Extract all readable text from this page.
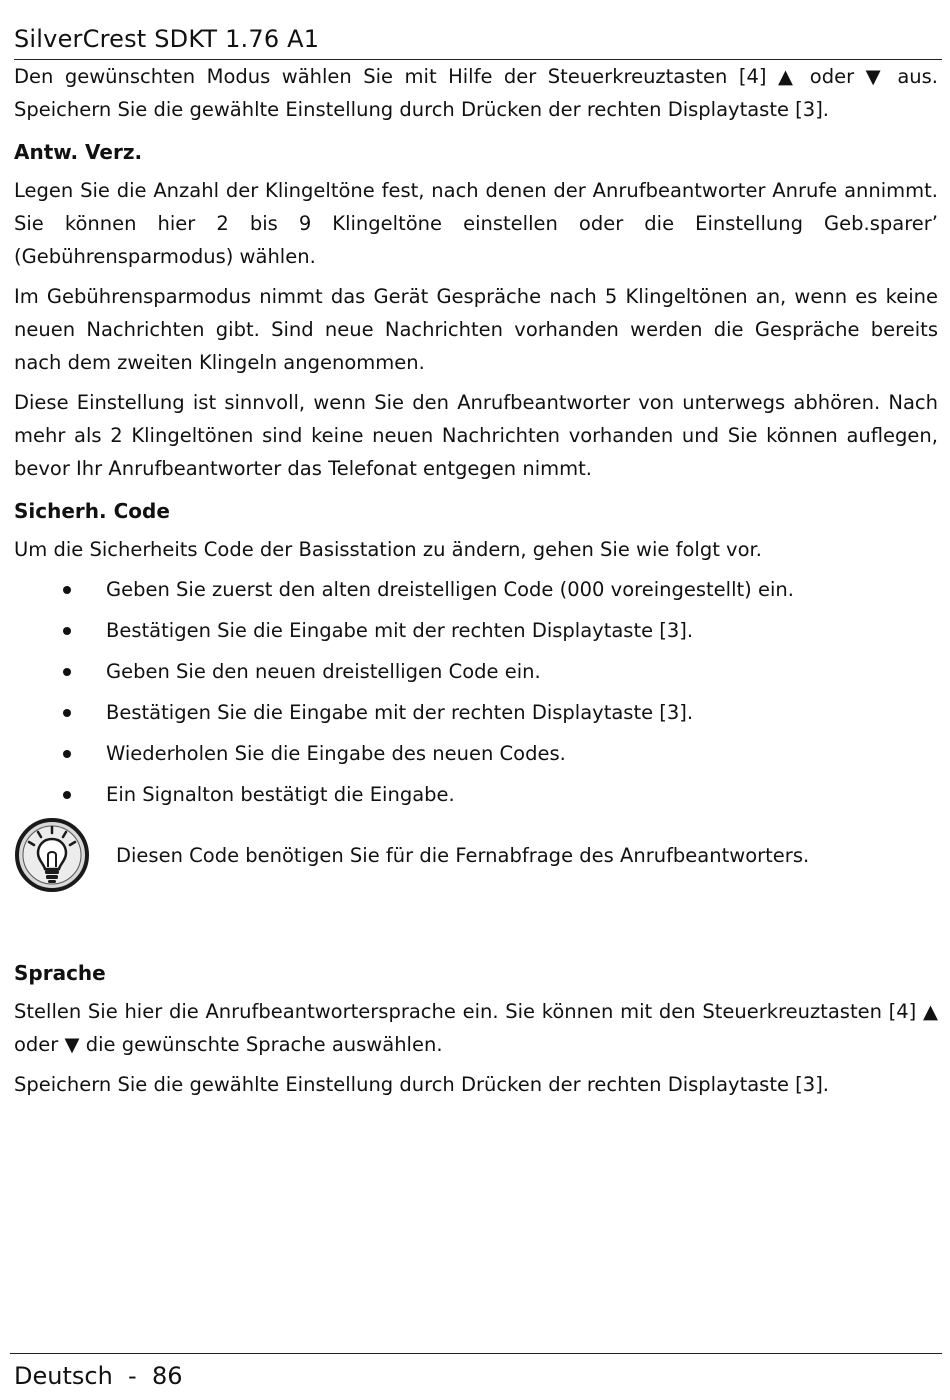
SilverCrest SDKT 1.76 A1

Den gewünschten Modus wählen Sie mit Hilfe der Steuerkreuztasten [4] ▲ oder ▼ aus. Speichern Sie die gewählte Einstellung durch Drücken der rechten Displaytaste [3].

Antw. Verz.

Legen Sie die Anzahl der Klingeltöne fest, nach denen der Anrufbeantworter Anrufe annimmt. Sie können hier 2 bis 9 Klingeltöne einstellen oder die Einstellung Geb.sparer’ (Gebührensparmodus) wählen.

Im Gebührensparmodus nimmt das Gerät Gespräche nach 5 Klingeltönen an, wenn es keine neuen Nachrichten gibt. Sind neue Nachrichten vorhanden werden die Gespräche bereits nach dem zweiten Klingeln angenommen.

Diese Einstellung ist sinnvoll, wenn Sie den Anrufbeantworter von unterwegs abhören. Nach mehr als 2 Klingeltönen sind keine neuen Nachrichten vorhanden und Sie können auflegen, bevor Ihr Anrufbeantworter das Telefonat entgegen nimmt.

Sicherh. Code

Um die Sicherheits Code der Basisstation zu ändern, gehen Sie wie folgt vor.

Geben Sie zuerst den alten dreistelligen Code (000 voreingestellt) ein.
Bestätigen Sie die Eingabe mit der rechten Displaytaste [3].
Geben Sie den neuen dreistelligen Code ein.
Bestätigen Sie die Eingabe mit der rechten Displaytaste [3].
Wiederholen Sie die Eingabe des neuen Codes.
Ein Signalton bestätigt die Eingabe.
Diesen Code benötigen Sie für die Fernabfrage des Anrufbeantworters.
Sprache

Stellen Sie hier die Anrufbeantwortersprache ein. Sie können mit den Steuerkreuztasten [4] ▲ oder ▼ die gewünschte Sprache auswählen.

Speichern Sie die gewählte Einstellung durch Drücken der rechten Displaytaste [3].

Deutsch  -  86
